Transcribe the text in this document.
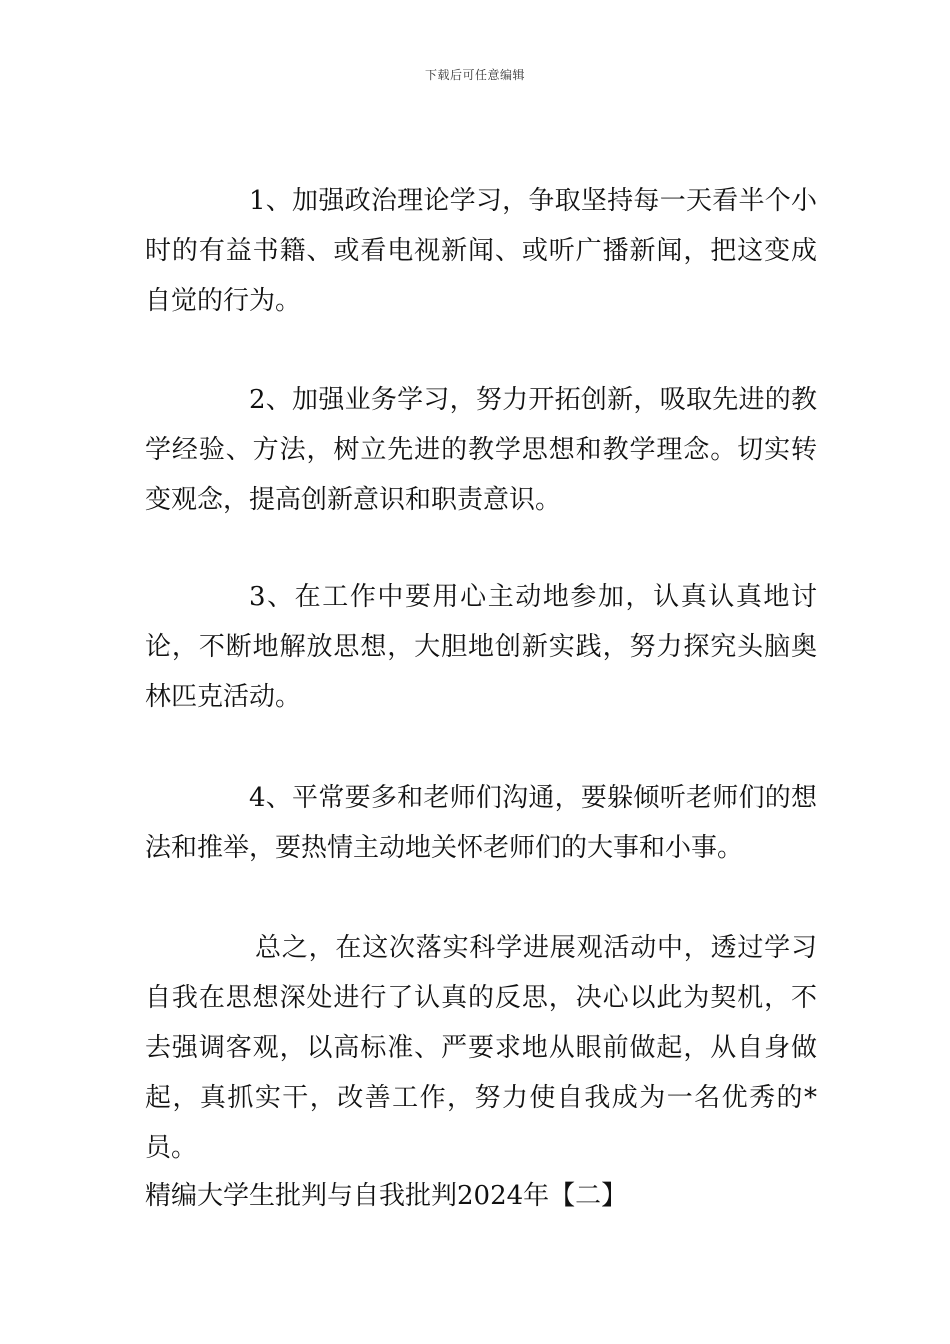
下载后可任意编辑

1、加强政治理论学习，争取坚持每一天看半个小时的有益书籍、或看电视新闻、或听广播新闻，把这变成自觉的行为。

2、加强业务学习，努力开拓创新，吸取先进的教学经验、方法，树立先进的教学思想和教学理念。切实转变观念，提高创新意识和职责意识。

3、在工作中要用心主动地参加，认真认真地讨论，不断地解放思想，大胆地创新实践，努力探究头脑奥林匹克活动。

4、平常要多和老师们沟通，要躲倾听老师们的想法和推举，要热情主动地关怀老师们的大事和小事。

总之，在这次落实科学进展观活动中，透过学习自我在思想深处进行了认真的反思，决心以此为契机，不去强调客观，以高标准、严要求地从眼前做起，从自身做起，真抓实干，改善工作，努力使自我成为一名优秀的*员。

精编大学生批判与自我批判2024年【二】
